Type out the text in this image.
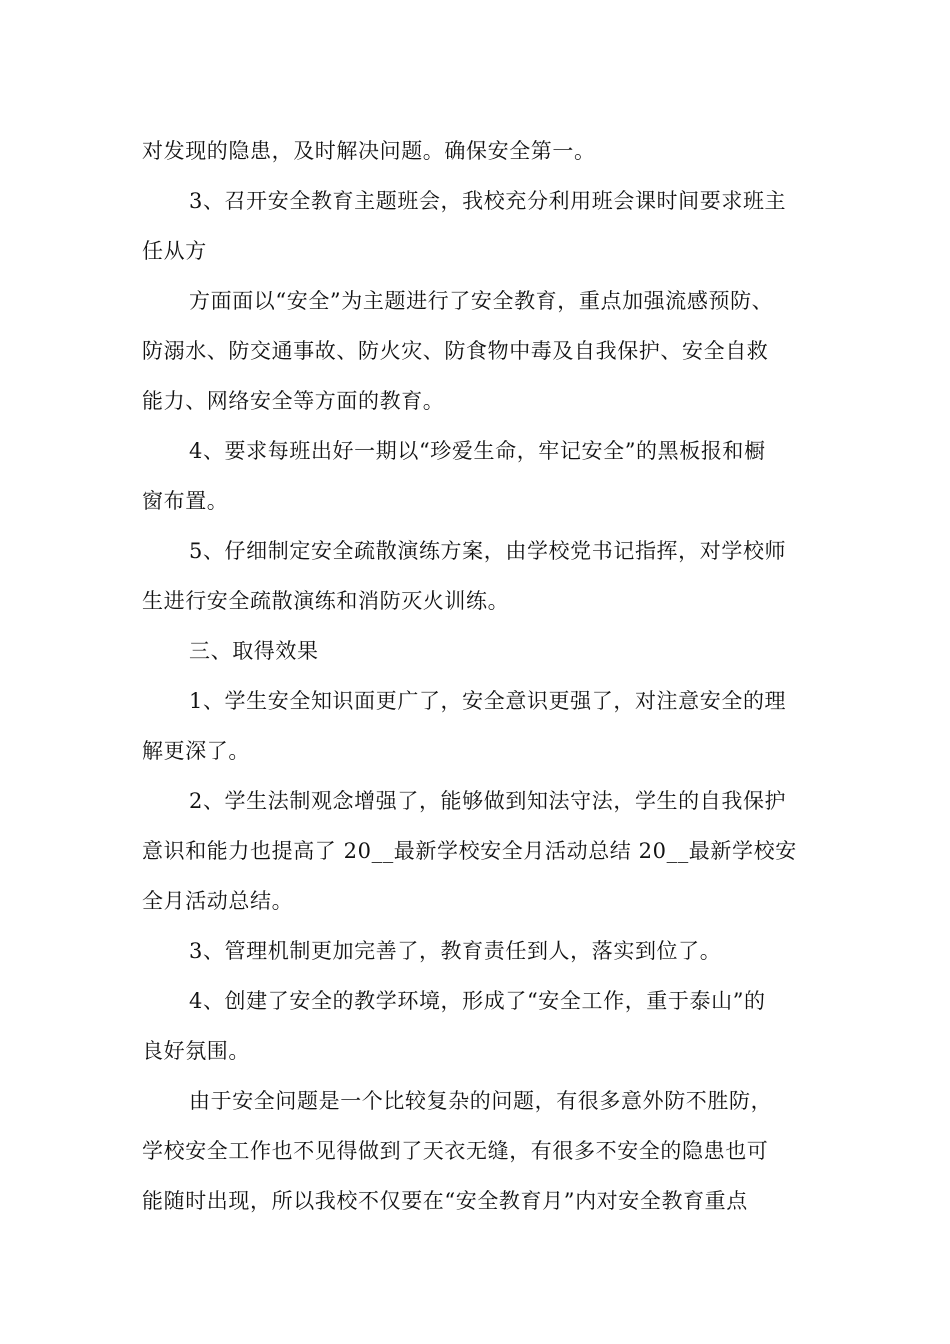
对发现的隐患，及时解决问题。确保安全第一。

3、召开安全教育主题班会，我校充分利用班会课时间要求班主

任从方

方面面以“安全”为主题进行了安全教育，重点加强流感预防、

防溺水、防交通事故、防火灾、防食物中毒及自我保护、安全自救

能力、网络安全等方面的教育。

4、要求每班出好一期以“珍爱生命，牢记安全”的黑板报和橱

窗布置。

5、仔细制定安全疏散演练方案，由学校党书记指挥，对学校师

生进行安全疏散演练和消防灭火训练。

三、取得效果

1、学生安全知识面更广了，安全意识更强了，对注意安全的理

解更深了。

2、学生法制观念增强了，能够做到知法守法，学生的自我保护

意识和能力也提高了 20__最新学校安全月活动总结 20__最新学校安

全月活动总结。

3、管理机制更加完善了，教育责任到人，落实到位了。

4、创建了安全的教学环境，形成了“安全工作，重于泰山”的

良好氛围。

由于安全问题是一个比较复杂的问题，有很多意外防不胜防，

学校安全工作也不见得做到了天衣无缝，有很多不安全的隐患也可

能随时出现，所以我校不仅要在“安全教育月”内对安全教育重点
